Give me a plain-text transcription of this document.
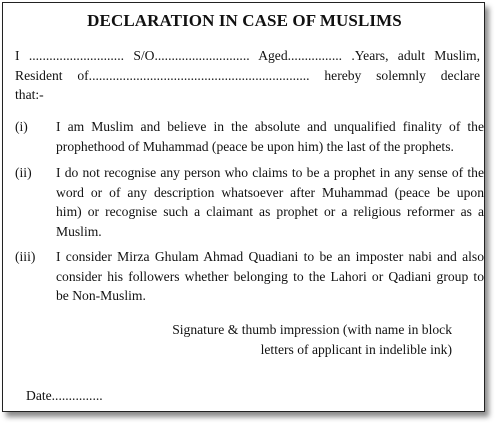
DECLARATION IN CASE OF MUSLIMS
I ............................ S/O............................ Aged................ .Years, adult Muslim,
Resident of................................................................. hereby solemnly declare
that:-
(i) I am Muslim and believe in the absolute and unqualified finality of the
prophethood of Muhammad (peace be upon him) the last of the prophets.
(ii) I do not recognise any person who claims to be a prophet in any sense of the
word or of any description whatsoever after Muhammad (peace be upon
him) or recognise such a claimant as prophet or a religious reformer as a
Muslim.
(iii) I consider Mirza Ghulam Ahmad Quadiani to be an imposter nabi and also
consider his followers whether belonging to the Lahori or Qadiani group to
be Non-Muslim.
Signature & thumb impression (with name in block
letters of applicant in indelible ink)
Date...............
